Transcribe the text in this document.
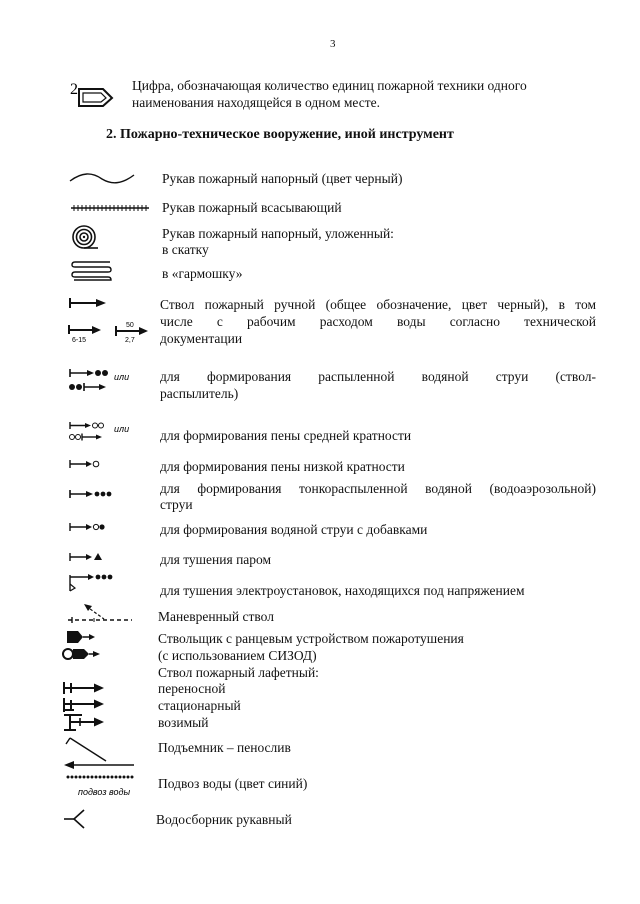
3
2	Цифра, обозначающая количество единиц пожарной техники одного
наименования находящейся в одном месте.
2. Пожарно-техническое вооружение, иной инструмент
Рукав пожарный напорный (цвет черный)
Рукав пожарный всасывающий
Рукав пожарный напорный, уложенный:
в скатку
в «гармошку»
6-15
50
2,7
Ствол пожарный ручной (общее обозначение, цвет черный), в том
числе с рабочим расходом воды согласно технической
документации
или для формирования распыленной водяной струи (ствол-
распылитель)
или для формирования пены средней кратности
для формирования пены низкой кратности
для формирования тонкораспыленной водяной (водоаэрозольной)
струи
для формирования водяной струи с добавками
для тушения паром
для тушения электроустановок, находящихся под напряжением
Маневренный ствол
Ствольщик с ранцевым устройством пожаротушения
(с использованием СИЗОД)
Ствол пожарный лафетный:
переносной
стационарный
возимый
Подъемник – пенослив
подвоз воды
Подвоз воды (цвет синий)
Водосборник рукавный
